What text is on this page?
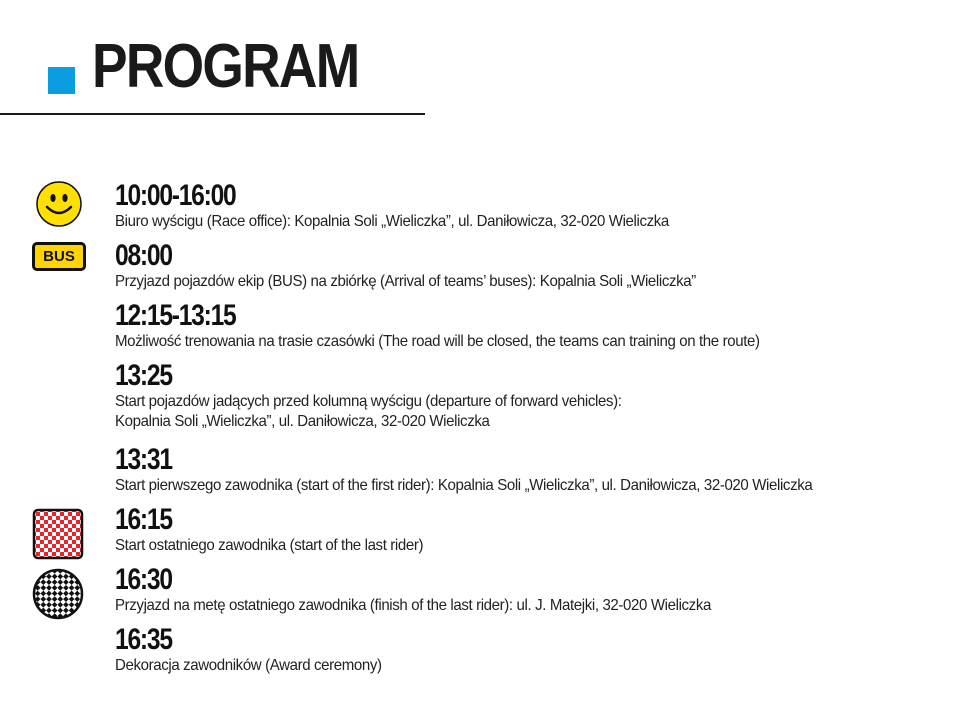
PROGRAM
BUS
10:00-16:00
Biuro wyścigu (Race office): Kopalnia Soli „Wieliczka”, ul. Daniłowicza, 32-020 Wieliczka
08:00
Przyjazd pojazdów ekip (BUS) na zbiórkę (Arrival of teams’ buses): Kopalnia Soli „Wieliczka”
12:15-13:15
Możliwość trenowania na trasie czasówki (The road will be closed, the teams can training on the route)
13:25
Start pojazdów jadących przed kolumną wyścigu (departure of forward vehicles):
Kopalnia Soli „Wieliczka”, ul. Daniłowicza, 32-020 Wieliczka
13:31
Start pierwszego zawodnika (start of the first rider): Kopalnia Soli „Wieliczka”, ul. Daniłowicza, 32-020 Wieliczka
16:15
Start ostatniego zawodnika (start of the last rider)
16:30
Przyjazd na metę ostatniego zawodnika (finish of the last rider): ul. J. Matejki, 32-020 Wieliczka
16:35
Dekoracja zawodników (Award ceremony)
